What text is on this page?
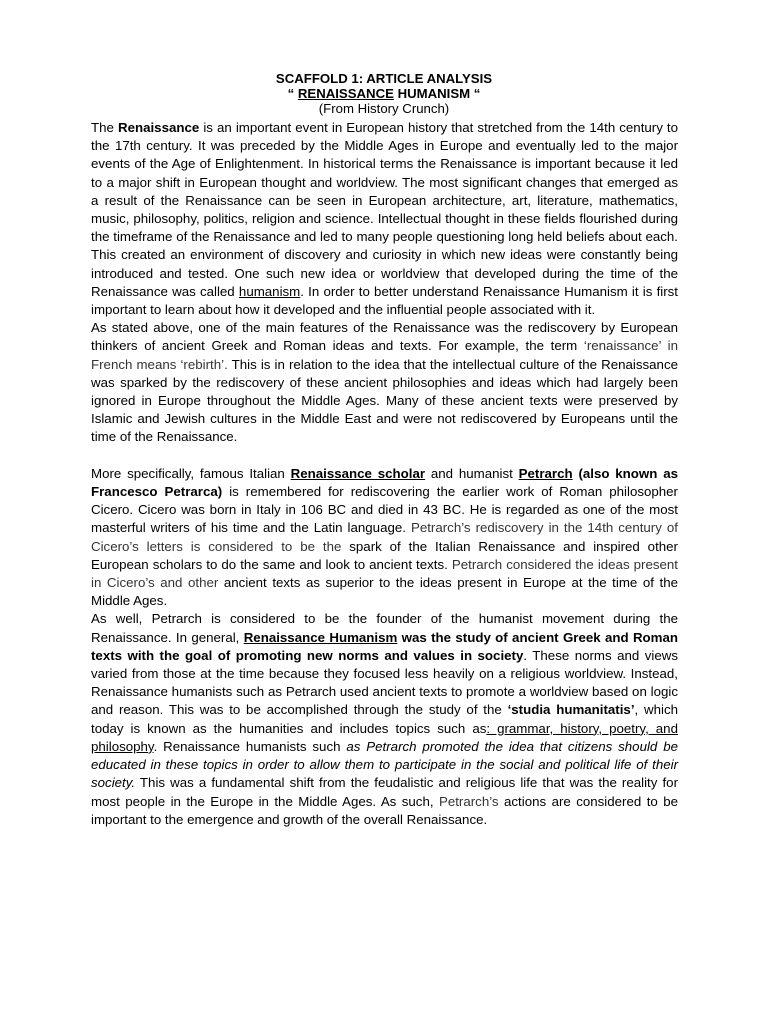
SCAFFOLD 1: ARTICLE ANALYSIS
“ RENAISSANCE HUMANISM “
(From History Crunch)

The Renaissance is an important event in European history that stretched from the 14th century to the 17th century. It was preceded by the Middle Ages in Europe and eventually led to the major events of the Age of Enlightenment. In historical terms the Renaissance is important because it led to a major shift in European thought and worldview. The most significant changes that emerged as a result of the Renaissance can be seen in European architecture, art, literature, mathematics, music, philosophy, politics, religion and science. Intellectual thought in these fields flourished during the timeframe of the Renaissance and led to many people questioning long held beliefs about each. This created an environment of discovery and curiosity in which new ideas were constantly being introduced and tested. One such new idea or worldview that developed during the time of the Renaissance was called humanism. In order to better understand Renaissance Humanism it is first important to learn about how it developed and the influential people associated with it.

As stated above, one of the main features of the Renaissance was the rediscovery by European thinkers of ancient Greek and Roman ideas and texts. For example, the term ‘renaissance’ in French means ‘rebirth’. This is in relation to the idea that the intellectual culture of the Renaissance was sparked by the rediscovery of these ancient philosophies and ideas which had largely been ignored in Europe throughout the Middle Ages. Many of these ancient texts were preserved by Islamic and Jewish cultures in the Middle East and were not rediscovered by Europeans until the time of the Renaissance.

More specifically, famous Italian Renaissance scholar and humanist Petrarch (also known as Francesco Petrarca) is remembered for rediscovering the earlier work of Roman philosopher Cicero. Cicero was born in Italy in 106 BC and died in 43 BC. He is regarded as one of the most masterful writers of his time and the Latin language. Petrarch’s rediscovery in the 14th century of Cicero’s letters is considered to be the spark of the Italian Renaissance and inspired other European scholars to do the same and look to ancient texts. Petrarch considered the ideas present in Cicero’s and other ancient texts as superior to the ideas present in Europe at the time of the Middle Ages.

As well, Petrarch is considered to be the founder of the humanist movement during the Renaissance. In general, Renaissance Humanism was the study of ancient Greek and Roman texts with the goal of promoting new norms and values in society. These norms and views varied from those at the time because they focused less heavily on a religious worldview. Instead, Renaissance humanists such as Petrarch used ancient texts to promote a worldview based on logic and reason. This was to be accomplished through the study of the ‘studia humanitatis’, which today is known as the humanities and includes topics such as: grammar, history, poetry, and philosophy. Renaissance humanists such as Petrarch promoted the idea that citizens should be educated in these topics in order to allow them to participate in the social and political life of their society. This was a fundamental shift from the feudalistic and religious life that was the reality for most people in the Europe in the Middle Ages. As such, Petrarch’s actions are considered to be important to the emergence and growth of the overall Renaissance.
